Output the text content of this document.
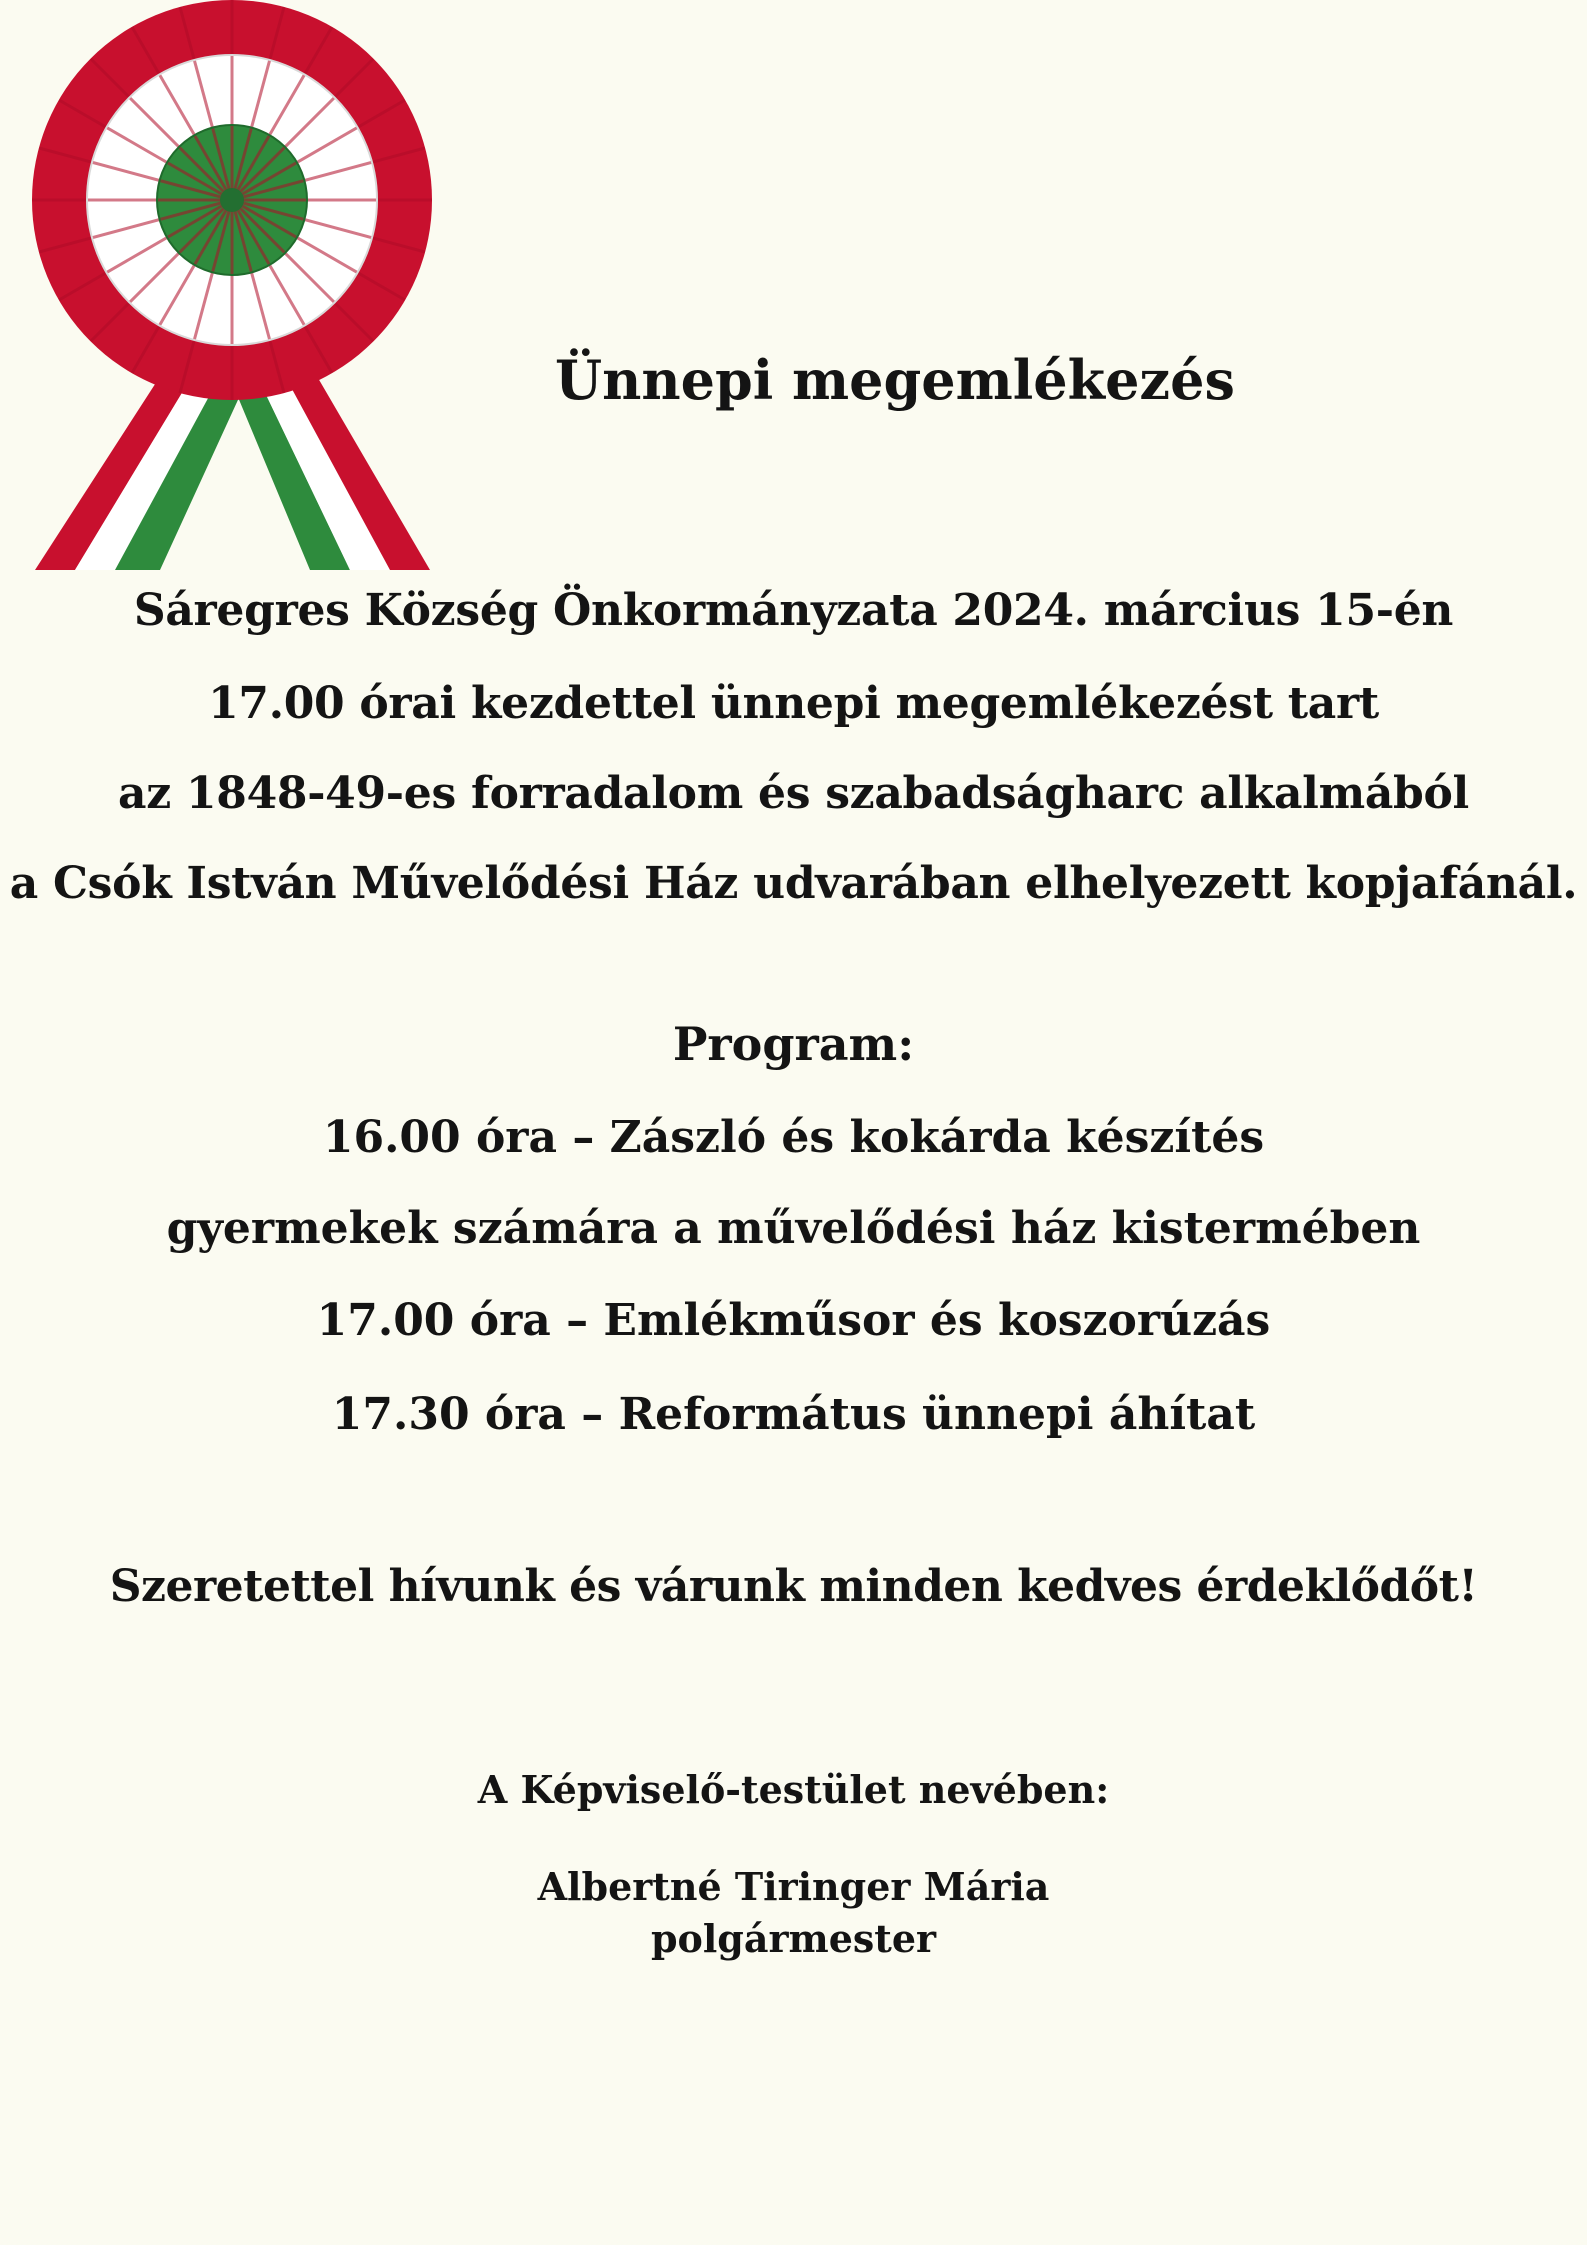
Ünnepi megemlékezés

Sáregres Község Önkormányzata 2024. március 15-én

17.00 órai kezdettel ünnepi megemlékezést tart

az 1848-49-es forradalom és szabadságharc alkalmából

a Csók István Művelődési Ház udvarában elhelyezett kopjafánál.

Program:

16.00 óra – Zászló és kokárda készítés

gyermekek számára a művelődési ház kistermében

17.00 óra – Emlékműsor és koszorúzás

17.30 óra – Református ünnepi áhítat

Szeretettel hívunk és várunk minden kedves érdeklődőt!

A Képviselő-testület nevében:

Albertné Tiringer Mária

polgármester
